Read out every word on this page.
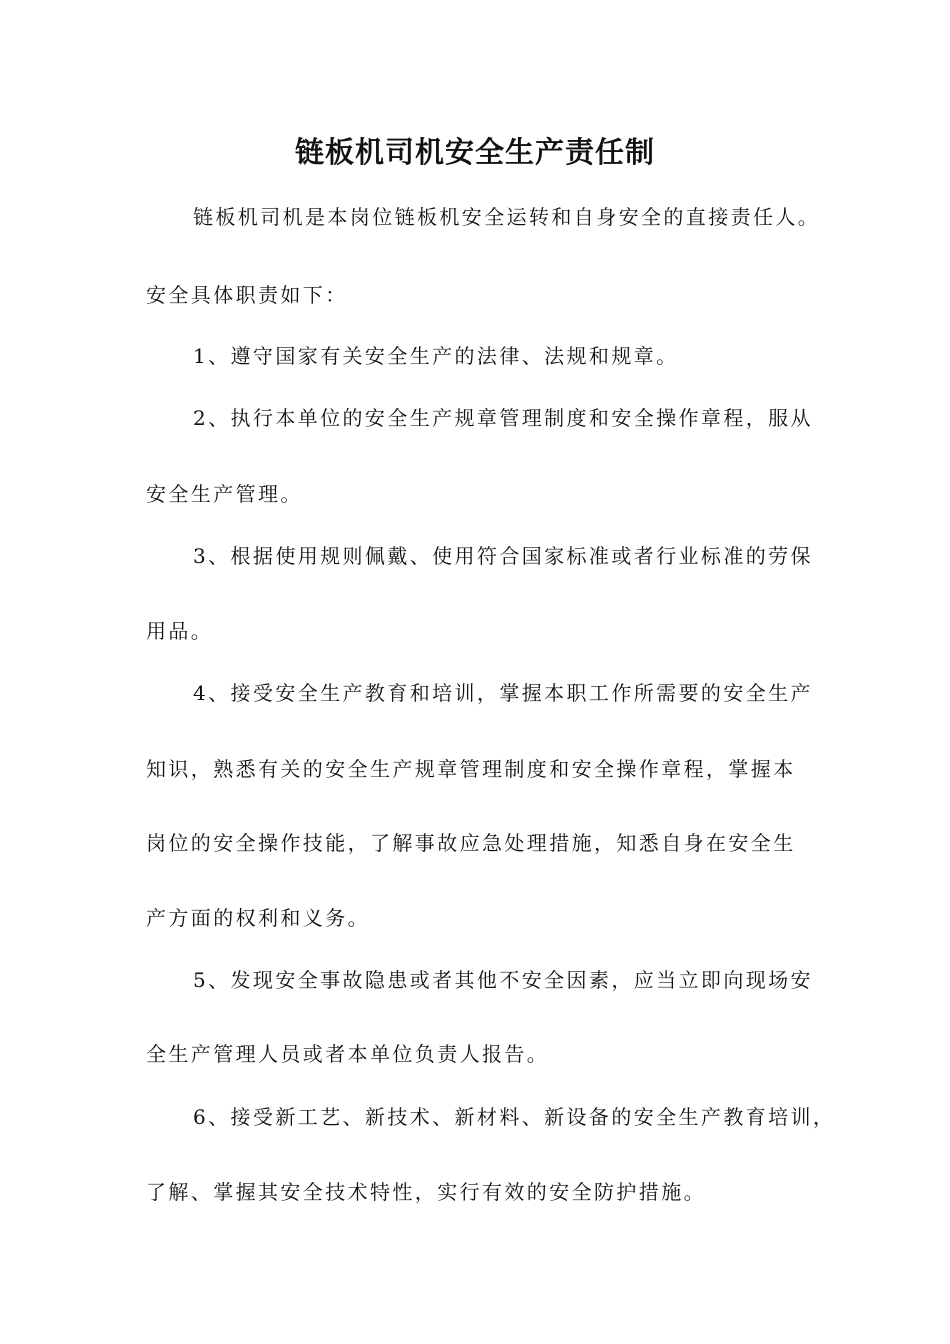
链板机司机安全生产责任制
链板机司机是本岗位链板机安全运转和自身安全的直接责任人。
安全具体职责如下：
1、遵守国家有关安全生产的法律、法规和规章。
2、执行本单位的安全生产规章管理制度和安全操作章程，服从
安全生产管理。
3、根据使用规则佩戴、使用符合国家标准或者行业标准的劳保
用品。
4、接受安全生产教育和培训，掌握本职工作所需要的安全生产
知识，熟悉有关的安全生产规章管理制度和安全操作章程，掌握本
岗位的安全操作技能，了解事故应急处理措施，知悉自身在安全生
产方面的权利和义务。
5、发现安全事故隐患或者其他不安全因素，应当立即向现场安
全生产管理人员或者本单位负责人报告。
6、接受新工艺、新技术、新材料、新设备的安全生产教育培训，
了解、掌握其安全技术特性，实行有效的安全防护措施。
